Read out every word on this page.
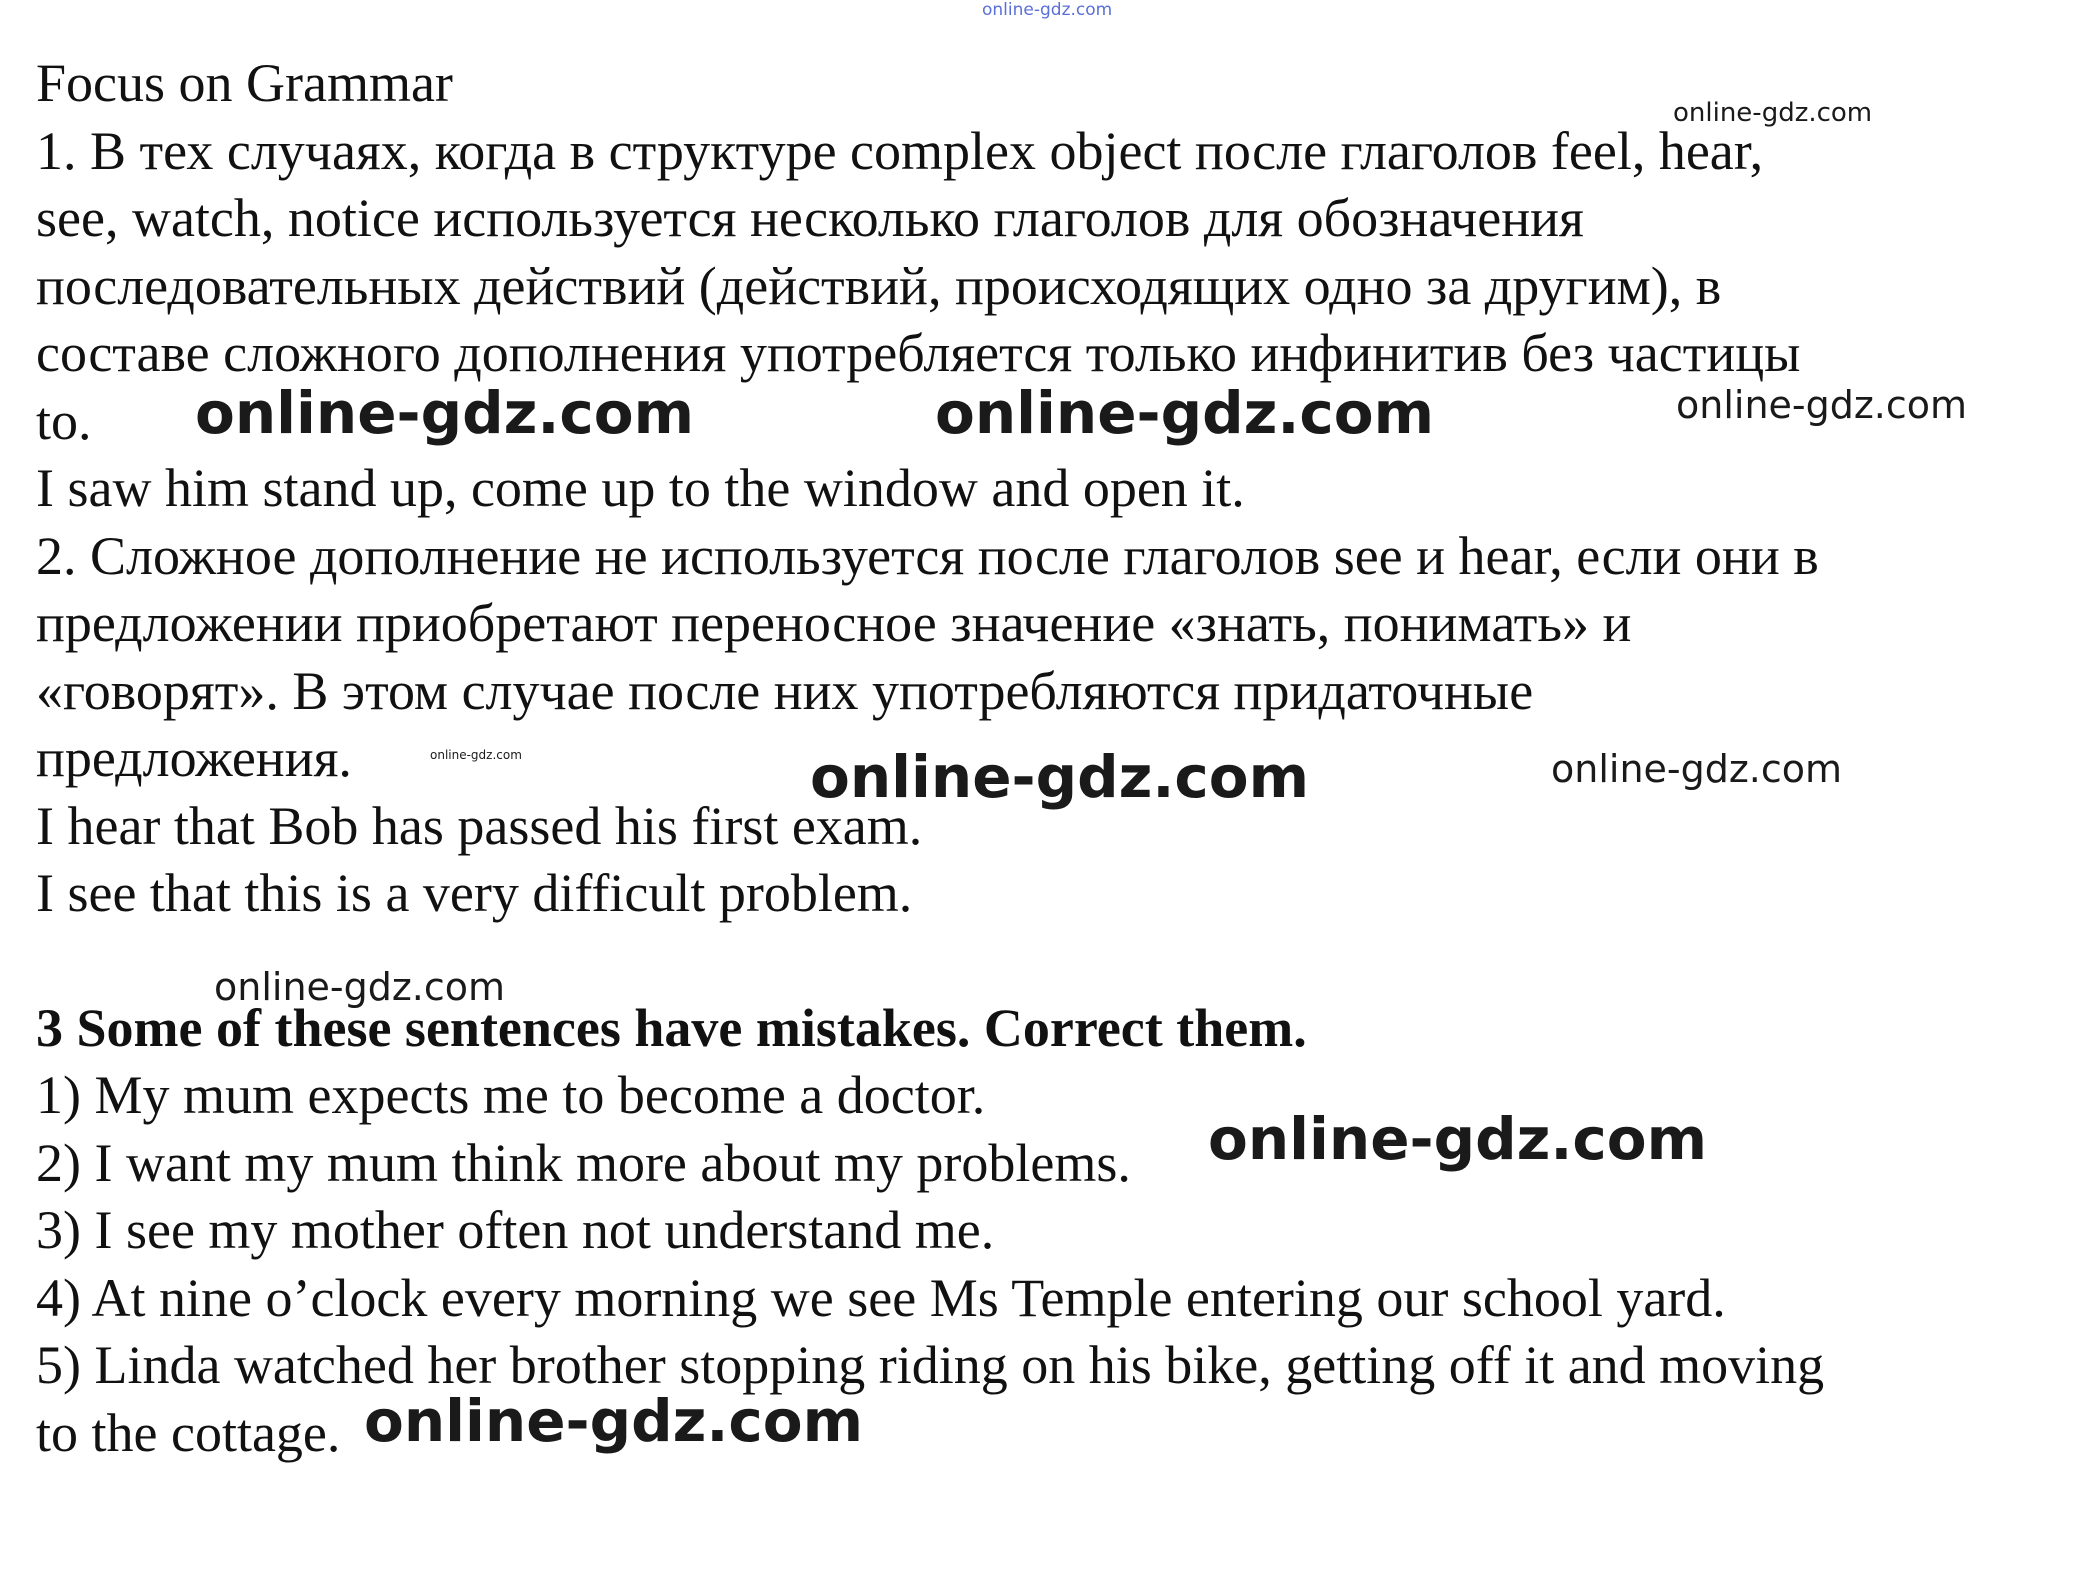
Focus on Grammar
1. В тех случаях, когда в структуре complex object после глаголов feel, hear,
see, watch, notice используется несколько глаголов для обозначения
последовательных действий (действий, происходящих одно за другим), в
составе сложного дополнения употребляется только инфинитив без частицы
to.
I saw him stand up, come up to the window and open it.
2. Сложное дополнение не используется после глаголов see и hear, если они в
предложении приобретают переносное значение «знать, понимать» и
«говорят». В этом случае после них употребляются придаточные
предложения.
I hear that Bob has passed his first exam.
I see that this is a very difficult problem.
3 Some of these sentences have mistakes. Correct them.
1) My mum expects me to become a doctor.
2) I want my mum think more about my problems.
3) I see my mother often not understand me.
4) At nine o’clock every morning we see Ms Temple entering our school yard.
5) Linda watched her brother stopping riding on his bike, getting off it and moving
to the cottage.
online-gdz.com
online-gdz.com
online-gdz.com	online-gdz.com	online-gdz.com
online-gdz.com	online-gdz.com	online-gdz.com
online-gdz.com
online-gdz.com
online-gdz.com
